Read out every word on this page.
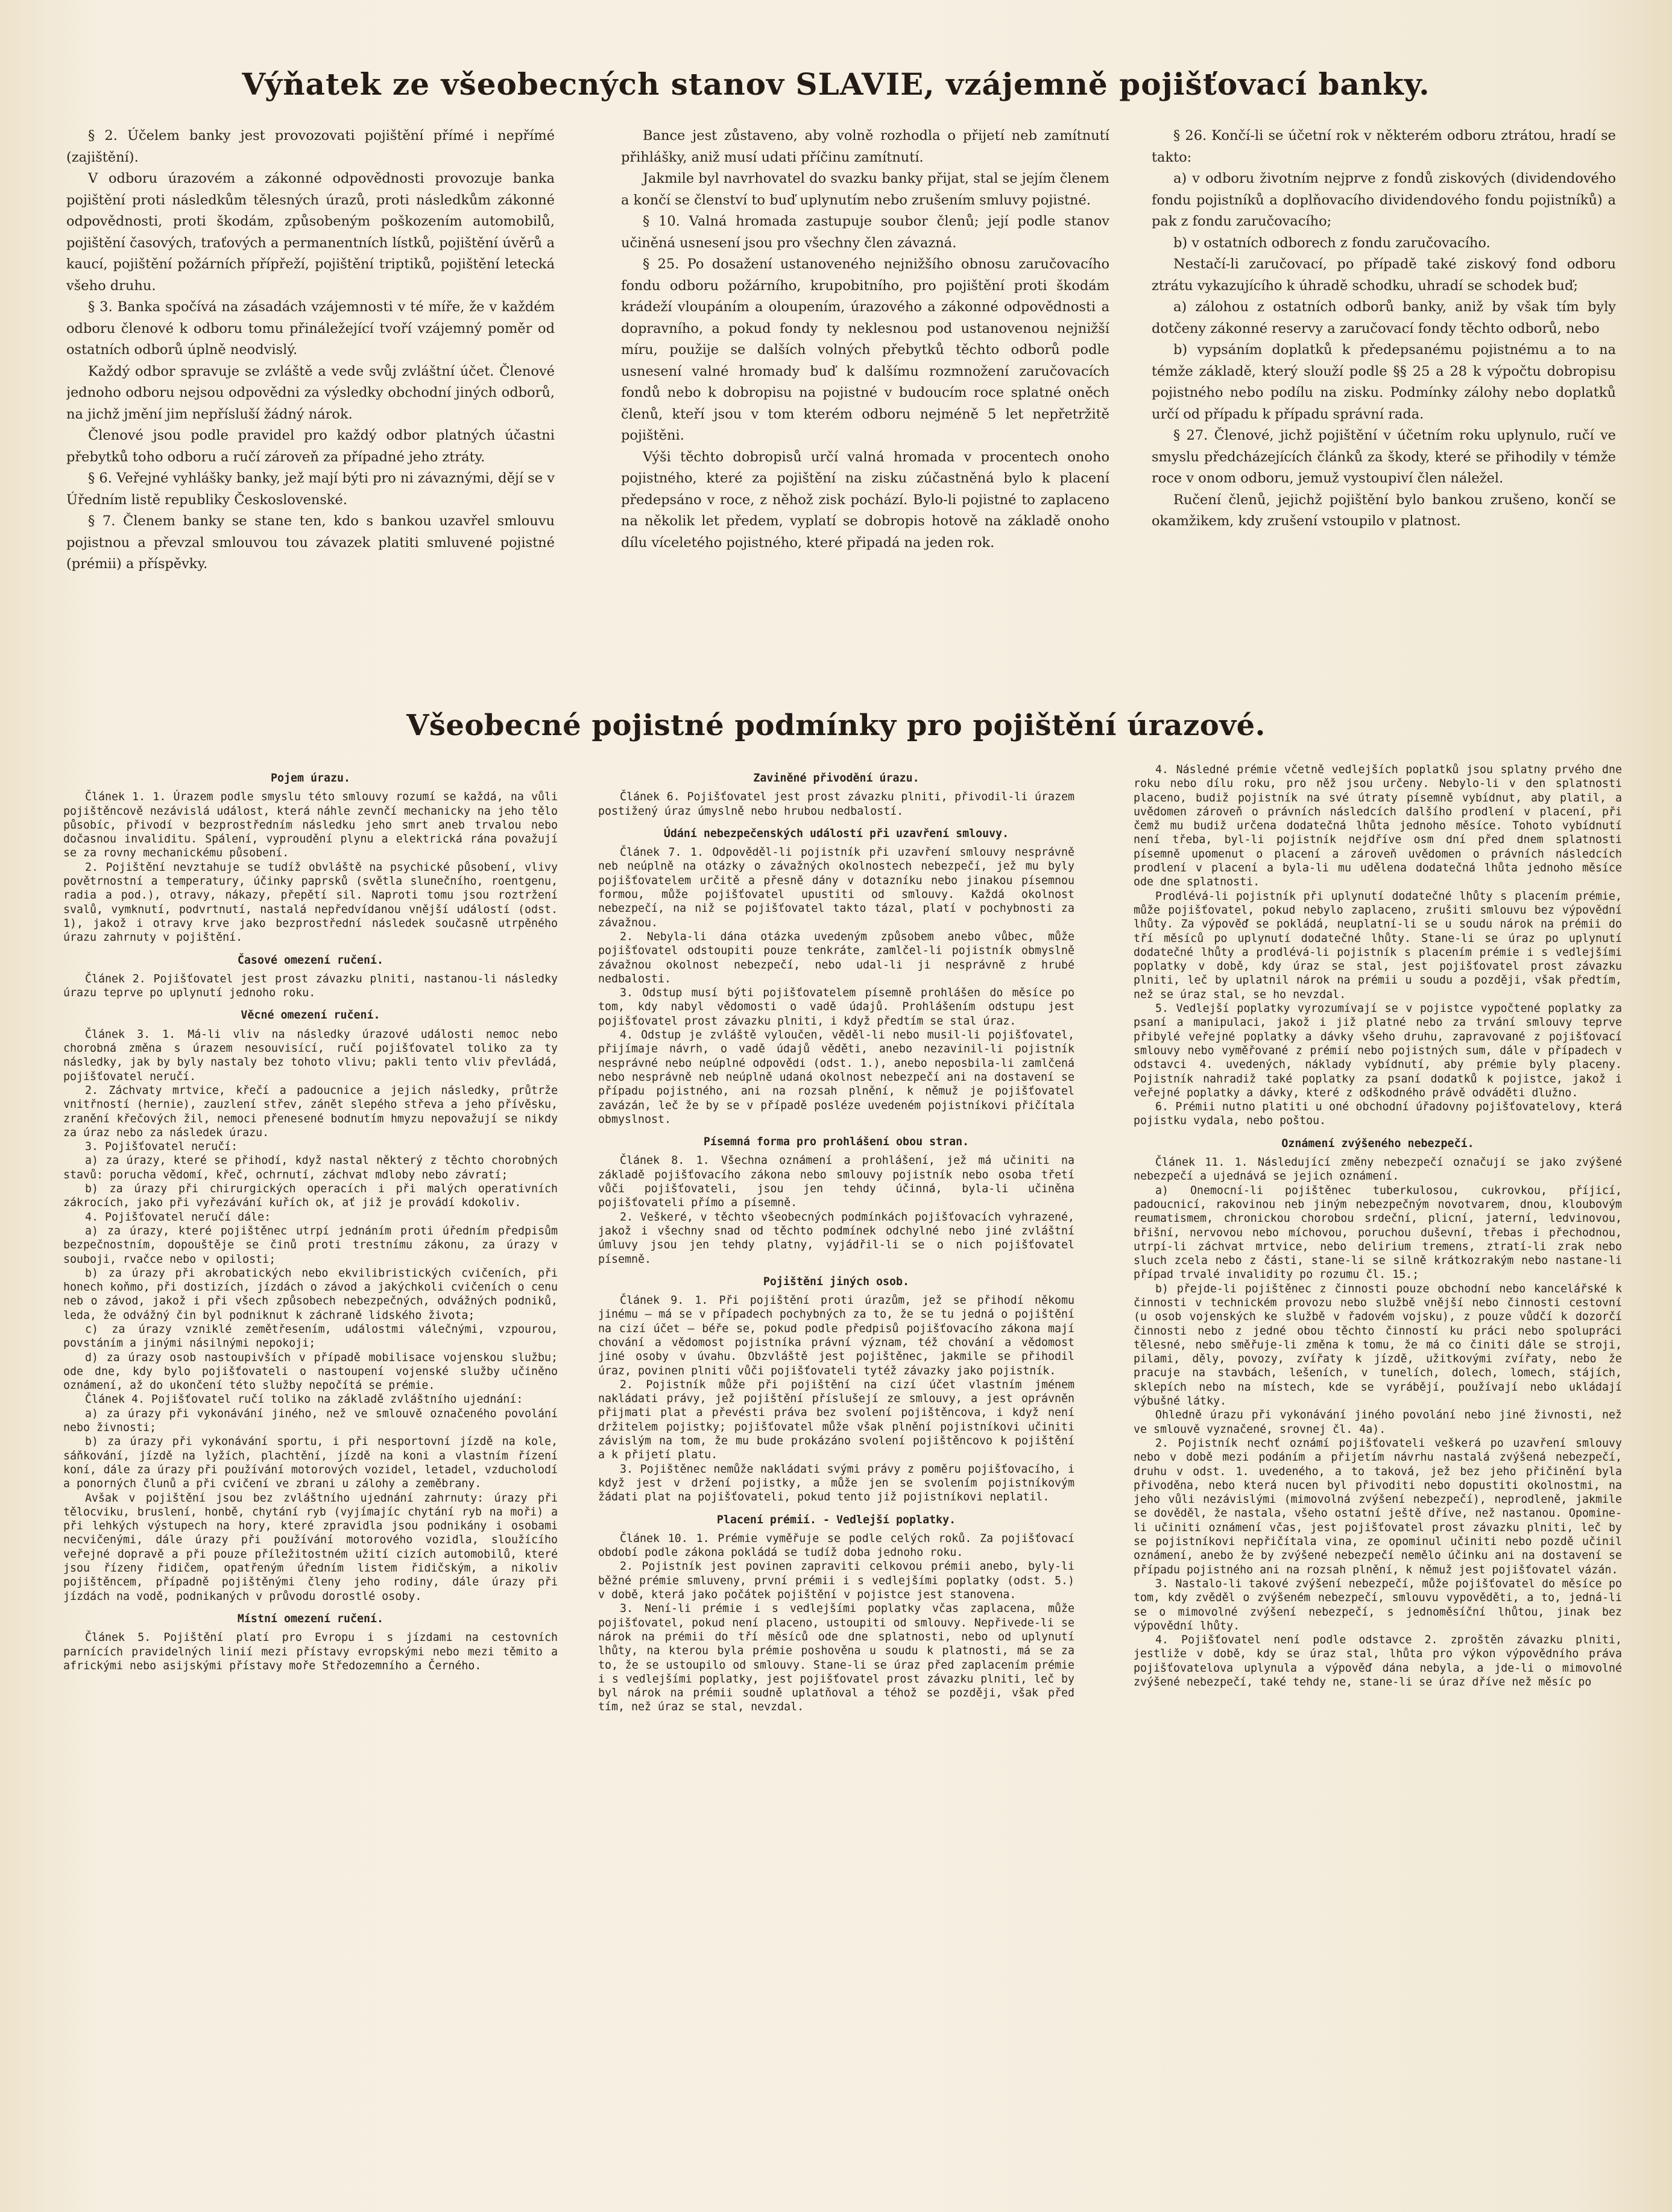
Výňatek ze všeobecných stanov SLAVIE, vzájemně pojišťovací banky.

§ 2. Účelem banky jest provozovati pojištění přímé i nepřímé (zajištění).

V odboru úrazovém a zákonné odpovědnosti provozuje banka pojištění proti následkům tělesných úrazů, proti následkům zákonné odpovědnosti, proti škodám, způsobeným poškozením automobilů, pojištění časových, traťových a permanentních lístků, pojištění úvěrů a kaucí, pojištění požárních přípřeží, pojištění triptiků, pojištění letecká všeho druhu.

§ 3. Banka spočívá na zásadách vzájemnosti v té míře, že v každém odboru členové k odboru tomu přináležející tvoří vzájemný poměr od ostatních odborů úplně neodvislý.

Každý odbor spravuje se zvláště a vede svůj zvláštní účet. Členové jednoho odboru nejsou odpovědni za výsledky obchodní jiných odborů, na jichž jmění jim nepřísluší žádný nárok.

Členové jsou podle pravidel pro každý odbor platných účastni přebytků toho odboru a ručí zároveň za případné jeho ztráty.

§ 6. Veřejné vyhlášky banky, jež mají býti pro ni závaznými, dějí se v Úředním listě republiky Československé.

§ 7. Členem banky se stane ten, kdo s bankou uzavřel smlouvu pojistnou a převzal smlouvou tou závazek platiti smluvené pojistné (prémii) a příspěvky.

Bance jest zůstaveno, aby volně rozhodla o přijetí neb zamítnutí přihlášky, aniž musí udati příčinu zamítnutí.

Jakmile byl navrhovatel do svazku banky přijat, stal se jejím členem a končí se členství to buď uplynutím nebo zrušením smluvy pojistné.

§ 10. Valná hromada zastupuje soubor členů; její podle stanov učiněná usnesení jsou pro všechny člen závazná.

§ 25. Po dosažení ustanoveného nejnižšího obnosu zaručovacího fondu odboru požárního, krupobitního, pro pojištění proti škodám krádeží vloupáním a oloupením, úrazového a zákonné odpovědnosti a dopravního, a pokud fondy ty neklesnou pod ustanovenou nejnižší míru, použije se dalších volných přebytků těchto odborů podle usnesení valné hromady buď k dalšímu rozmnožení zaručovacích fondů nebo k dobropisu na pojistné v budoucím roce splatné oněch členů, kteří jsou v tom kterém odboru nejméně 5 let nepřetržitě pojištěni.

Výši těchto dobropisů určí valná hromada v procentech onoho pojistného, které za pojištění na zisku zúčastněná bylo k placení předepsáno v roce, z něhož zisk pochází. Bylo-li pojistné to zaplaceno na několik let předem, vyplatí se dobropis hotově na základě onoho dílu víceletého pojistného, které připadá na jeden rok.

§ 26. Končí-li se účetní rok v některém odboru ztrátou, hradí se takto:

a) v odboru životním nejprve z fondů ziskových (dividendového fondu pojistníků a doplňovacího dividendového fondu pojistníků) a pak z fondu zaručovacího;

b) v ostatních odborech z fondu zaručovacího.

Nestačí-li zaručovací, po případě také ziskový fond odboru ztrátu vykazujícího k úhradě schodku, uhradí se schodek buď;

a) zálohou z ostatních odborů banky, aniž by však tím byly dotčeny zákonné reservy a zaručovací fondy těchto odborů, nebo

b) vypsáním doplatků k předepsanému pojistnému a to na témže základě, který slouží podle §§ 25 a 28 k výpočtu dobropisu pojistného nebo podílu na zisku. Podmínky zálohy nebo doplatků určí od případu k případu správní rada.

§ 27. Členové, jichž pojištění v účetním roku uplynulo, ručí ve smyslu předcházejících článků za škody, které se přihodily v témže roce v onom odboru, jemuž vystoupiví člen náležel.

Ručení členů, jejichž pojištění bylo bankou zrušeno, končí se okamžikem, kdy zrušení vstoupilo v platnost.

Všeobecné pojistné podmínky pro pojištění úrazové.
Pojem úrazu.

Článek 1. 1. Úrazem podle smyslu této smlouvy rozumí se každá, na vůli pojištěncově nezávislá událost, která náhle zevnčí mechanicky na jeho tělo působíc, přivodí v bezprostředním následku jeho smrt aneb trvalou nebo dočasnou invaliditu. Spálení, vyproudění plynu a elektrická rána považují se za rovny mechanickému působení.

2. Pojištění nevztahuje se tudíž obvláště na psychické působení, vlivy povětrnostní a temperatury, účinky paprsků (světla slunečního, roentgenu, radia a pod.), otravy, nákazy, přepětí sil. Naproti tomu jsou roztržení svalů, vymknutí, podvrtnutí, nastalá nepředvídanou vnější událostí (odst. 1), jakož i otravy krve jako bezprostřední následek současně utrpěného úrazu zahrnuty v pojištění.

Časové omezení ručení.

Článek 2. Pojišťovatel jest prost závazku plniti, nastanou-li následky úrazu teprve po uplynutí jednoho roku.

Věcné omezení ručení.

Článek 3. 1. Má-li vliv na následky úrazové události nemoc nebo chorobná změna s úrazem nesouvisící, ručí pojišťovatel toliko za ty následky, jak by byly nastaly bez tohoto vlivu; pakli tento vliv převládá, pojišťovatel neručí.

2. Záchvaty mrtvice, křečí a padoucnice a jejich následky, průtrže vnitřností (hernie), zauzlení střev, zánět slepého střeva a jeho přívěsku, zranění křečových žil, nemoci přenesené bodnutím hmyzu nepovažují se nikdy za úraz nebo za následek úrazu.

3. Pojišťovatel neručí:

a) za úrazy, které se přihodí, když nastal některý z těchto chorobných stavů: porucha vědomí, křeč, ochrnutí, záchvat mdloby nebo závratí;

b) za úrazy při chirurgických operacích i při malých operativních zákrocích, jako při vyřezávání kuřích ok, ať již je provádí kdokoliv.

4. Pojišťovatel neručí dále:

a) za úrazy, které pojištěnec utrpí jednáním proti úředním předpisům bezpečnostním, dopouštěje se činů proti trestnímu zákonu, za úrazy v souboji, rvačce nebo v opilosti;

b) za úrazy při akrobatických nebo ekvilibristických cvičeních, při honech koňmo, při dostizích, jízdách o závod a jakýchkoli cvičeních o cenu neb o závod, jakož i při všech způsobech nebezpečných, odvážných podniků, leda, že odvážný čin byl podniknut k záchraně lidského života;

c) za úrazy vzniklé zemětřesením, událostmi válečnými, vzpourou, povstáním a jinými násilnými nepokoji;

d) za úrazy osob nastoupivších v případě mobilisace vojenskou službu; ode dne, kdy bylo pojišťovateli o nastoupení vojenské služby učiněno oznámení, až do ukončení této služby nepočítá se prémie.

Článek 4. Pojišťovatel ručí toliko na základě zvláštního ujednání:

a) za úrazy při vykonávání jiného, než ve smlouvě označeného povolání nebo živnosti;

b) za úrazy při vykonávání sportu, i při nesportovní jízdě na kole, sáňkování, jízdě na lyžích, plachtění, jízdě na koni a vlastním řízení koní, dále za úrazy při používání motorových vozidel, letadel, vzducholodí a ponorných člunů a při cvičení ve zbrani u zálohy a zeměbrany.

Avšak v pojištění jsou bez zvláštního ujednání zahrnuty: úrazy při tělocviku, bruslení, honbě, chytání ryb (vyjímajíc chytání ryb na moři) a při lehkých výstupech na hory, které zpravidla jsou podnikány i osobami necvičenými, dále úrazy při používání motorového vozidla, sloužícího veřejné dopravě a při pouze příležitostném užití cizích automobilů, které jsou řízeny řidičem, opatřeným úředním listem řidičským, a nikoliv pojištěncem, případně pojištěnými členy jeho rodiny, dále úrazy při jízdách na vodě, podnikaných v průvodu dorostlé osoby.

Místní omezení ručení.

Článek 5. Pojištění platí pro Evropu i s jízdami na cestovních parnících pravidelných linií mezi přístavy evropskými nebo mezi těmito a africkými nebo asijskými přístavy moře Středozemního a Černého.

Zaviněné přivodění úrazu.

Článek 6. Pojišťovatel jest prost závazku plniti, přivodil-li úrazem postižený úraz úmyslně nebo hrubou nedbalostí.

Údání nebezpečenských událostí při uzavření smlouvy.

Článek 7. 1. Odpověděl-li pojistník při uzavření smlouvy nesprávně neb neúplně na otázky o závažných okolnostech nebezpečí, jež mu byly pojišťovatelem určitě a přesně dány v dotazníku nebo jinakou písemnou formou, může pojišťovatel upustiti od smlouvy. Každá okolnost nebezpečí, na niž se pojišťovatel takto tázal, platí v pochybnosti za závažnou.

2. Nebyla-li dána otázka uvedeným způsobem anebo vůbec, může pojišťovatel odstoupiti pouze tenkráte, zamlčel-li pojistník obmyslně závažnou okolnost nebezpečí, nebo udal-li ji nesprávně z hrubé nedbalosti.

3. Odstup musí býti pojišťovatelem písemně prohlášen do měsíce po tom, kdy nabyl vědomosti o vadě údajů. Prohlášením odstupu jest pojišťovatel prost závazku plniti, i když předtím se stal úraz.

4. Odstup je zvláště vyloučen, věděl-li nebo musil-li pojišťovatel, přijímaje návrh, o vadě údajů věděti, anebo nezavinil-li pojistník nesprávné nebo neúplné odpovědi (odst. 1.), anebo neposbila-li zamlčená nebo nesprávně neb neúplně udaná okolnost nebezpečí ani na dostavení se případu pojistného, ani na rozsah plnění, k němuž je pojišťovatel zavázán, leč že by se v případě posléze uvedeném pojistníkovi přičítala obmyslnost.

Písemná forma pro prohlášení obou stran.

Článek 8. 1. Všechna oznámení a prohlášení, jež má učiniti na základě pojišťovacího zákona nebo smlouvy pojistník nebo osoba třetí vůči pojišťovateli, jsou jen tehdy účinná, byla-li učiněna pojišťovateli přímo a písemně.

2. Veškeré, v těchto všeobecných podmínkách pojišťovacích vyhrazené, jakož i všechny snad od těchto podmínek odchylné nebo jiné zvláštní úmluvy jsou jen tehdy platny, vyjádřil-li se o nich pojišťovatel písemně.

Pojištění jiných osob.

Článek 9. 1. Při pojištění proti úrazům, jež se přihodí někomu jinému — má se v případech pochybných za to, že se tu jedná o pojištění na cizí účet — béře se, pokud podle předpisů pojišťovacího zákona mají chování a vědomost pojistníka právní význam, též chování a vědomost jiné osoby v úvahu. Obzvláště jest pojištěnec, jakmile se přihodil úraz, povinen plniti vůči pojišťovateli tytéž závazky jako pojistník.

2. Pojistník může při pojištění na cizí účet vlastním jménem nakládati právy, jež pojištění příslušejí ze smlouvy, a jest oprávněn přijmati plat a převésti práva bez svolení pojištěncova, i když není držitelem pojistky; pojišťovatel může však plnění pojistníkovi učiniti závislým na tom, že mu bude prokázáno svolení pojištěncovo k pojištění a k přijetí platu.

3. Pojištěnec nemůže nakládati svými právy z poměru pojišťovacího, i když jest v držení pojistky, a může jen se svolením pojistníkovým žádati plat na pojišťovateli, pokud tento již pojistníkovi neplatil.

Placení prémií. - Vedlejší poplatky.

Článek 10. 1. Prémie vyměřuje se podle celých roků. Za pojišťovací období podle zákona pokládá se tudíž doba jednoho roku.

2. Pojistník jest povinen zapraviti celkovou prémii anebo, byly-li běžné prémie smluveny, první prémii i s vedlejšími poplatky (odst. 5.) v době, která jako počátek pojištění v pojistce jest stanovena.

3. Není-li prémie i s vedlejšími poplatky včas zaplacena, může pojišťovatel, pokud není placeno, ustoupiti od smlouvy. Nepřivede-li se nárok na prémii do tří měsíců ode dne splatnosti, nebo od uplynutí lhůty, na kterou byla prémie poshověna u soudu k platnosti, má se za to, že se ustoupilo od smlouvy. Stane-li se úraz před zaplacením prémie i s vedlejšími poplatky, jest pojišťovatel prost závazku plniti, leč by byl nárok na prémii soudně uplatňoval a téhož se později, však před tím, než úraz se stal, nevzdal.

4. Následné prémie včetně vedlejších poplatků jsou splatny prvého dne roku nebo dílu roku, pro něž jsou určeny. Nebylo-li v den splatnosti placeno, budiž pojistník na své útraty písemně vybídnut, aby platil, a uvědomen zároveň o právních následcích dalšího prodlení v placení, při čemž mu budiž určena dodatečná lhůta jednoho měsíce. Tohoto vybídnutí není třeba, byl-li pojistník nejdříve osm dní před dnem splatnosti písemně upomenut o placení a zároveň uvědomen o právních následcích prodlení v placení a byla-li mu udělena dodatečná lhůta jednoho měsíce ode dne splatnosti.

Prodlévá-li pojistník při uplynutí dodatečné lhůty s placením prémie, může pojišťovatel, pokud nebylo zaplaceno, zrušiti smlouvu bez výpovědní lhůty. Za výpověď se pokládá, neuplatní-li se u soudu nárok na prémii do tří měsíců po uplynutí dodatečné lhůty. Stane-li se úraz po uplynutí dodatečné lhůty a prodlévá-li pojistník s placením prémie i s vedlejšími poplatky v době, kdy úraz se stal, jest pojišťovatel prost závazku plniti, leč by uplatnil nárok na prémii u soudu a později, však předtím, než se úraz stal, se ho nevzdal.

5. Vedlejší poplatky vyrozumívají se v pojistce vypočtené poplatky za psaní a manipulaci, jakož i již platné nebo za trvání smlouvy teprve přibylé veřejné poplatky a dávky všeho druhu, zapravované z pojišťovací smlouvy nebo vyměřované z prémií nebo pojistných sum, dále v případech v odstavci 4. uvedených, náklady vybídnutí, aby prémie byly placeny. Pojistník nahradiž také poplatky za psaní dodatků k pojistce, jakož i veřejné poplatky a dávky, které z odškodného právě odváděti dlužno.

6. Prémii nutno platiti u oné obchodní úřadovny pojišťovatelovy, která pojistku vydala, nebo poštou.

Oznámení zvýšeného nebezpečí.

Článek 11. 1. Následující změny nebezpečí označují se jako zvýšené nebezpečí a ujednává se jejich oznámení.

a) Onemocní-li pojištěnec tuberkulosou, cukrovkou, příjicí, padoucnicí, rakovinou neb jiným nebezpečným novotvarem, dnou, kloubovým reumatismem, chronickou chorobou srdeční, plicní, jaterní, ledvinovou, břišní, nervovou nebo míchovou, poruchou duševní, třebas i přechodnou, utrpí-li záchvat mrtvice, nebo delirium tremens, ztratí-li zrak nebo sluch zcela nebo z části, stane-li se silně krátkozrakým nebo nastane-li případ trvalé invalidity po rozumu čl. 15.;

b) přejde-li pojištěnec z činnosti pouze obchodní nebo kancelářské k činnosti v technickém provozu nebo službě vnější nebo činnosti cestovní (u osob vojenských ke službě v řadovém vojsku), z pouze vůdčí k dozorčí činnosti nebo z jedné obou těchto činností ku práci nebo spolupráci tělesné, nebo směřuje-li změna k tomu, že má co činiti dále se stroji, pilami, děly, povozy, zvířaty k jízdě, užitkovými zvířaty, nebo že pracuje na stavbách, lešeních, v tunelích, dolech, lomech, stájích, sklepích nebo na místech, kde se vyrábějí, používají nebo ukládají výbušné látky.

Ohledně úrazu při vykonávání jiného povolání nebo jiné živnosti, než ve smlouvě vyznačené, srovnej čl. 4a).

2. Pojistník nechť oznámí pojišťovateli veškerá po uzavření smlouvy nebo v době mezi podáním a přijetím návrhu nastalá zvýšená nebezpečí, druhu v odst. 1. uvedeného, a to taková, jež bez jeho přičinění byla přivoděna, nebo která nucen byl přivoditi nebo dopustiti okolnostmi, na jeho vůli nezávislými (mimovolná zvýšení nebezpečí), neprodleně, jakmile se dověděl, že nastala, všeho ostatní ještě dříve, než nastanou. Opomine-li učiniti oznámení včas, jest pojišťovatel prost závazku plniti, leč by se pojistníkovi nepřičítala vina, ze opominul učiniti nebo pozdě učinil oznámení, anebo že by zvýšené nebezpečí nemělo účinku ani na dostavení se případu pojistného ani na rozsah plnění, k němuž jest pojišťovatel vázán.

3. Nastalo-li takové zvýšení nebezpečí, může pojišťovatel do měsíce po tom, kdy zvěděl o zvýšeném nebezpečí, smlouvu vypověděti, a to, jedná-li se o mimovolné zvýšení nebezpečí, s jednoměsíční lhůtou, jinak bez výpovědní lhůty.

4. Pojišťovatel není podle odstavce 2. zproštěn závazku plniti, jestliže v době, kdy se úraz stal, lhůta pro výkon výpovědního práva pojišťovatelova uplynula a výpověď dána nebyla, a jde-li o mimovolné zvýšené nebezpečí, také tehdy ne, stane-li se úraz dříve než měsíc po
